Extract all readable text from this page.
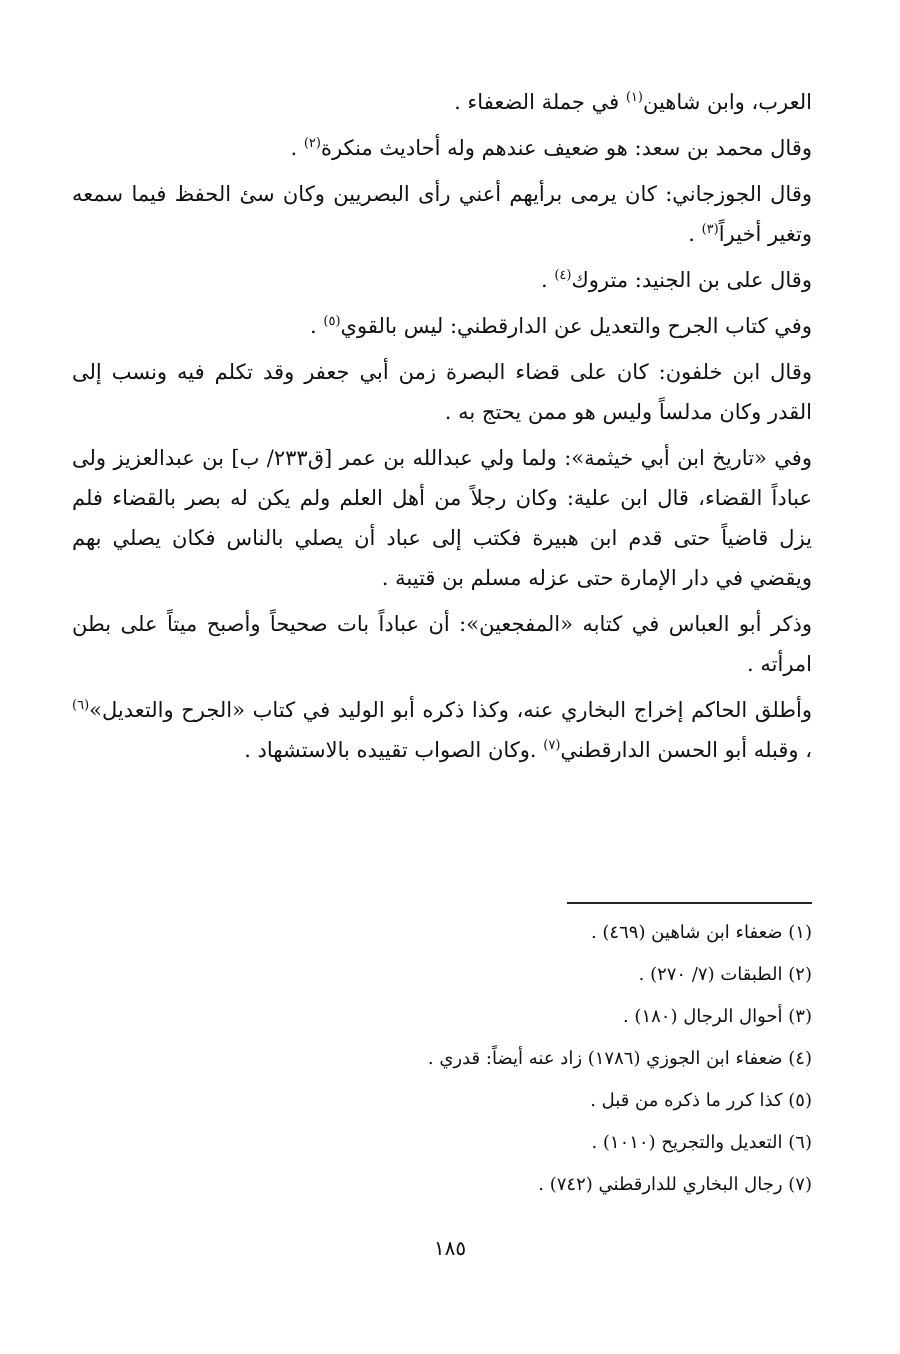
العرب، وابن شاهين$^{(١)}$ في جملة الضعفاء .

وقال محمد بن سعد: هو ضعيف عندهم وله أحاديث منكرة$^{(٢)}$ .

وقال الجوزجاني: كان يرمى برأيهم أعني رأى البصريين وكان سئ الحفظ فيما سمعه وتغير أخيراً$^{(٣)}$ .

وقال على بن الجنيد: متروك$^{(٤)}$ .

وفي كتاب الجرح والتعديل عن الدارقطني: ليس بالقوي$^{(٥)}$ .

وقال ابن خلفون: كان على قضاء البصرة زمن أبي جعفر وقد تكلم فيه ونسب إلى القدر وكان مدلساً وليس هو ممن يحتج به .

وفي «تاريخ ابن أبي خيثمة»: ولما ولي عبدالله بن عمر [ق٢٣٣/ ب] بن عبدالعزيز ولى عباداً القضاء، قال ابن علية: وكان رجلاً من أهل العلم ولم يكن له بصر بالقضاء فلم يزل قاضياً حتى قدم ابن هبيرة فكتب إلى عباد أن يصلي بالناس فكان يصلي بهم ويقضي في دار الإمارة حتى عزله مسلم بن قتيبة .

وذكر أبو العباس في كتابه «المفجعين»: أن عباداً بات صحيحاً وأصبح ميتاً على بطن امرأته .

وأطلق الحاكم إخراج البخاري عنه، وكذا ذكره أبو الوليد في كتاب «الجرح والتعديل»$^{(٦)}$ ، وقبله أبو الحسن الدارقطني$^{(٧)}$ .وكان الصواب تقييده بالاستشهاد .

(١) ضعفاء ابن شاهين (٤٦٩) .

(٢) الطبقات (٧/ ٢٧٠) .

(٣) أحوال الرجال (١٨٠) .

(٤) ضعفاء ابن الجوزي (١٧٨٦) زاد عنه أيضاً: قدري .

(٥) كذا كرر ما ذكره من قبل .

(٦) التعديل والتجريح (١٠١٠) .

(٧) رجال البخاري للدارقطني (٧٤٢) .

١٨٥
